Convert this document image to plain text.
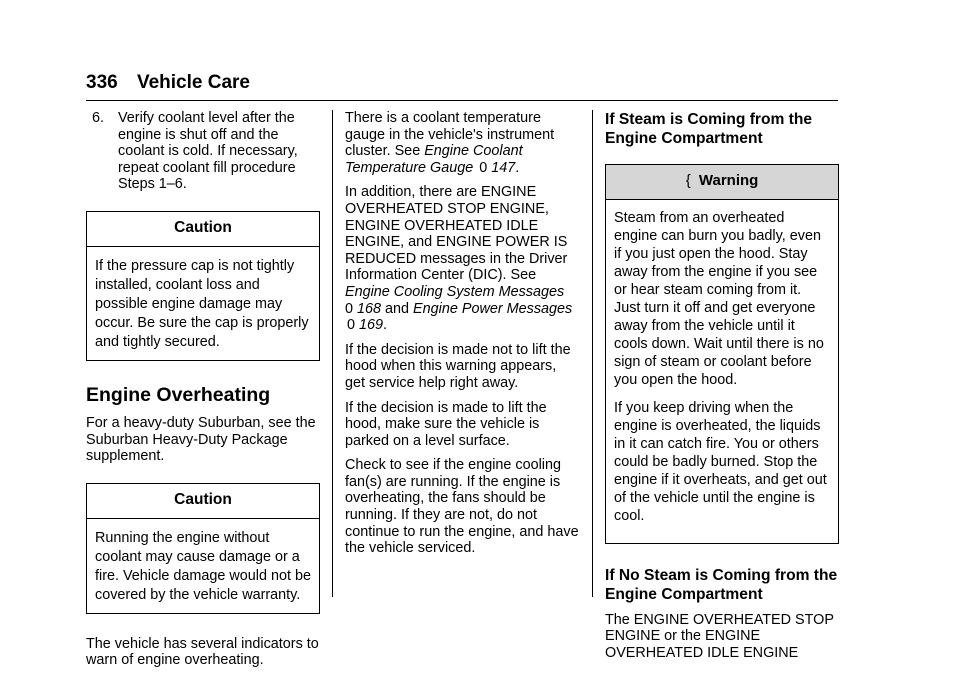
336 Vehicle Care
6. Verify coolant level after the engine is shut off and the coolant is cold. If necessary, repeat coolant fill procedure Steps 1–6.
Caution
If the pressure cap is not tightly installed, coolant loss and possible engine damage may occur. Be sure the cap is properly and tightly secured.
Engine Overheating

For a heavy-duty Suburban, see the Suburban Heavy-Duty Package supplement.

Caution
Running the engine without coolant may cause damage or a fire. Vehicle damage would not be covered by the vehicle warranty.

The vehicle has several indicators to warn of engine overheating.

There is a coolant temperature gauge in the vehicle's instrument cluster. See Engine Coolant Temperature Gauge 0 147.

In addition, there are ENGINE OVERHEATED STOP ENGINE, ENGINE OVERHEATED IDLE ENGINE, and ENGINE POWER IS REDUCED messages in the Driver Information Center (DIC). See Engine Cooling System Messages
0 168 and Engine Power Messages 0 169.

If the decision is made not to lift the hood when this warning appears, get service help right away.

If the decision is made to lift the hood, make sure the vehicle is parked on a level surface.

Check to see if the engine cooling fan(s) are running. If the engine is overheating, the fans should be running. If they are not, do not continue to run the engine, and have the vehicle serviced.

If Steam is Coming from the Engine Compartment
{ Warning

Steam from an overheated engine can burn you badly, even if you just open the hood. Stay away from the engine if you see or hear steam coming from it. Just turn it off and get everyone away from the vehicle until it cools down. Wait until there is no sign of steam or coolant before you open the hood.

If you keep driving when the engine is overheated, the liquids in it can catch fire. You or others could be badly burned. Stop the engine if it overheats, and get out of the vehicle until the engine is cool.

If No Steam is Coming from the Engine Compartment

The ENGINE OVERHEATED STOP ENGINE or the ENGINE OVERHEATED IDLE ENGINE
